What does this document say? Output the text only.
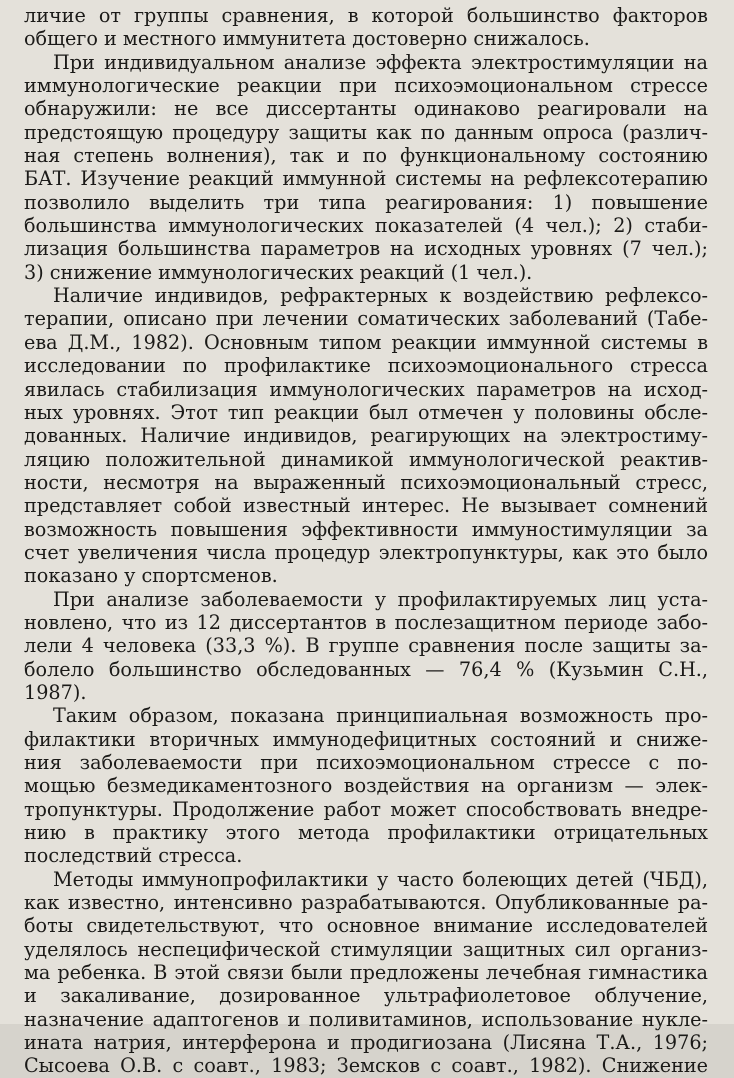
личие от группы сравнения, в которой большинство факторов
общего и местного иммунитета достоверно снижалось.

При индивидуальном анализе эффекта электростимуляции на
иммунологические реакции при психоэмоциональном стрессе
обнаружили: не все диссертанты одинаково реагировали на
предстоящую процедуру защиты как по данным опроса (различ-
ная степень волнения), так и по функциональному состоянию
БАТ. Изучение реакций иммунной системы на рефлексотерапию
позволило выделить три типа реагирования: 1) повышение
большинства иммунологических показателей (4 чел.); 2) стаби-
лизация большинства параметров на исходных уровнях (7 чел.);
3) снижение иммунологических реакций (1 чел.).

Наличие индивидов, рефрактерных к воздействию рефлексо-
терапии, описано при лечении соматических заболеваний (Табе-
ева Д.М., 1982). Основным типом реакции иммунной системы в
исследовании по профилактике психоэмоционального стресса
явилась стабилизация иммунологических параметров на исход-
ных уровнях. Этот тип реакции был отмечен у половины обсле-
дованных. Наличие индивидов, реагирующих на электростиму-
ляцию положительной динамикой иммунологической реактив-
ности, несмотря на выраженный психоэмоциональный стресс,
представляет собой известный интерес. Не вызывает сомнений
возможность повышения эффективности иммуностимуляции за
счет увеличения числа процедур электропунктуры, как это было
показано у спортсменов.

При анализе заболеваемости у профилактируемых лиц уста-
новлено, что из 12 диссертантов в послезащитном периоде забо-
лели 4 человека (33,3 %). В группе сравнения после защиты за-
болело большинство обследованных — 76,4 % (Кузьмин С.Н.,
1987).

Таким образом, показана принципиальная возможность про-
филактики вторичных иммунодефицитных состояний и сниже-
ния заболеваемости при психоэмоциональном стрессе с по-
мощью безмедикаментозного воздействия на организм — элек-
тропунктуры. Продолжение работ может способствовать внедре-
нию в практику этого метода профилактики отрицательных
последствий стресса.

Методы иммунопрофилактики у часто болеющих детей (ЧБД),
как известно, интенсивно разрабатываются. Опубликованные ра-
боты свидетельствуют, что основное внимание исследователей
уделялось неспецифической стимуляции защитных сил организ-
ма ребенка. В этой связи были предложены лечебная гимнастика
и закаливание, дозированное ультрафиолетовое облучение,
назначение адаптогенов и поливитаминов, использование нукле-
ината натрия, интерферона и продигиозана (Лисяна Т.А., 1976;
Сысоева О.В. с соавт., 1983; Земсков с соавт., 1982). Снижение
